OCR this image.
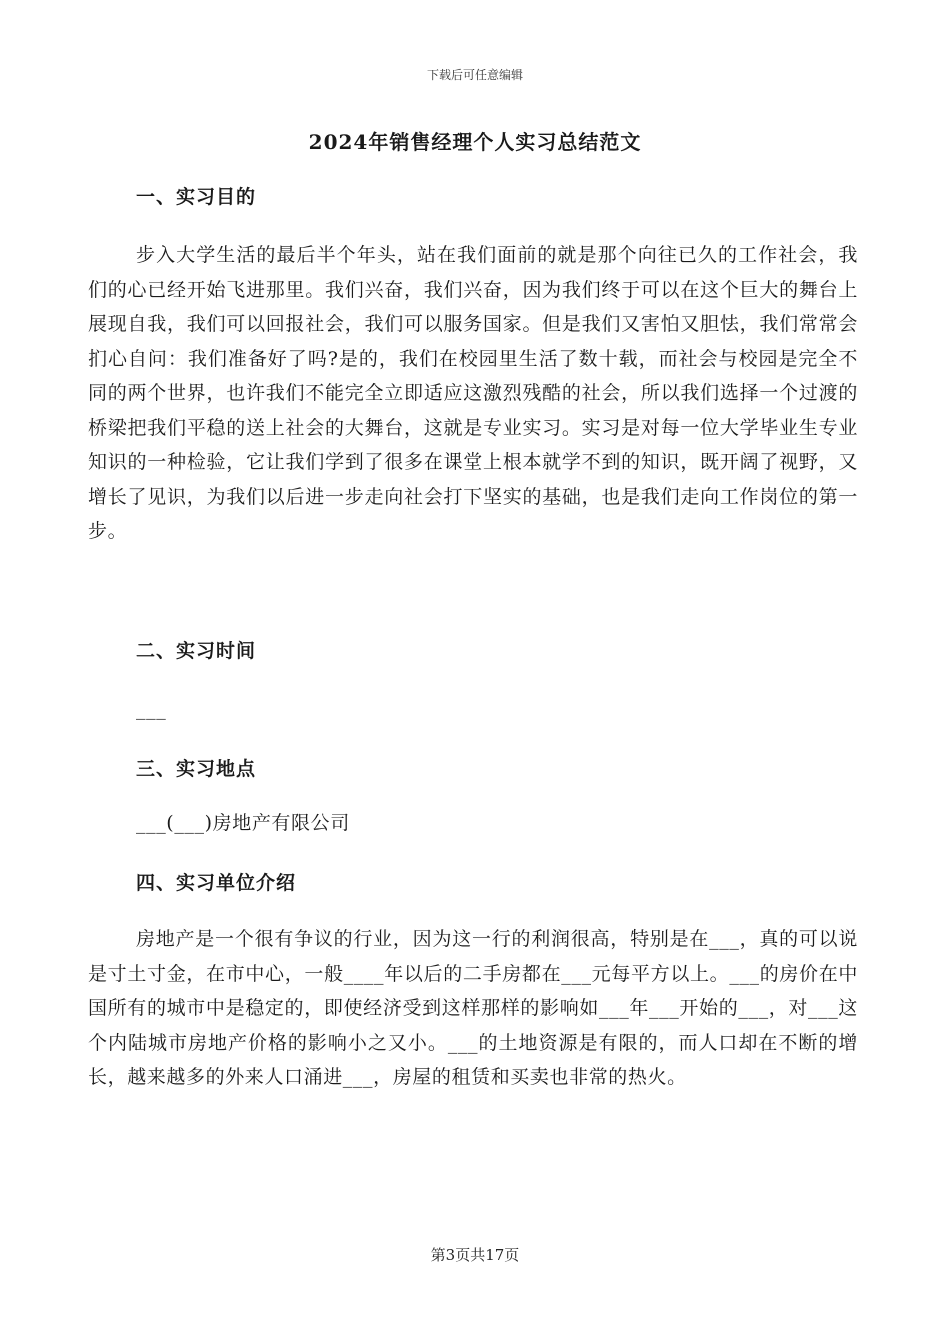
下载后可任意编辑
2024年销售经理个人实习总结范文
一、实习目的
步入大学生活的最后半个年头，站在我们面前的就是那个向往已久的工作社会，我们的心已经开始飞进那里。我们兴奋，我们兴奋，因为我们终于可以在这个巨大的舞台上展现自我，我们可以回报社会，我们可以服务国家。但是我们又害怕又胆怯，我们常常会扪心自问：我们准备好了吗?是的，我们在校园里生活了数十载，而社会与校园是完全不同的两个世界，也许我们不能完全立即适应这激烈残酷的社会，所以我们选择一个过渡的桥梁把我们平稳的送上社会的大舞台，这就是专业实习。实习是对每一位大学毕业生专业知识的一种检验，它让我们学到了很多在课堂上根本就学不到的知识，既开阔了视野，又增长了见识，为我们以后进一步走向社会打下坚实的基础，也是我们走向工作岗位的第一步。
二、实习时间
___
三、实习地点
___(___)房地产有限公司
四、实习单位介绍
房地产是一个很有争议的行业，因为这一行的利润很高，特别是在___，真的可以说是寸土寸金，在市中心，一般____年以后的二手房都在___元每平方以上。___的房价在中国所有的城市中是稳定的，即使经济受到这样那样的影响如___年___开始的___，对___这个内陆城市房地产价格的影响小之又小。___的土地资源是有限的，而人口却在不断的增长，越来越多的外来人口涌进___，房屋的租赁和买卖也非常的热火。
第3页共17页
